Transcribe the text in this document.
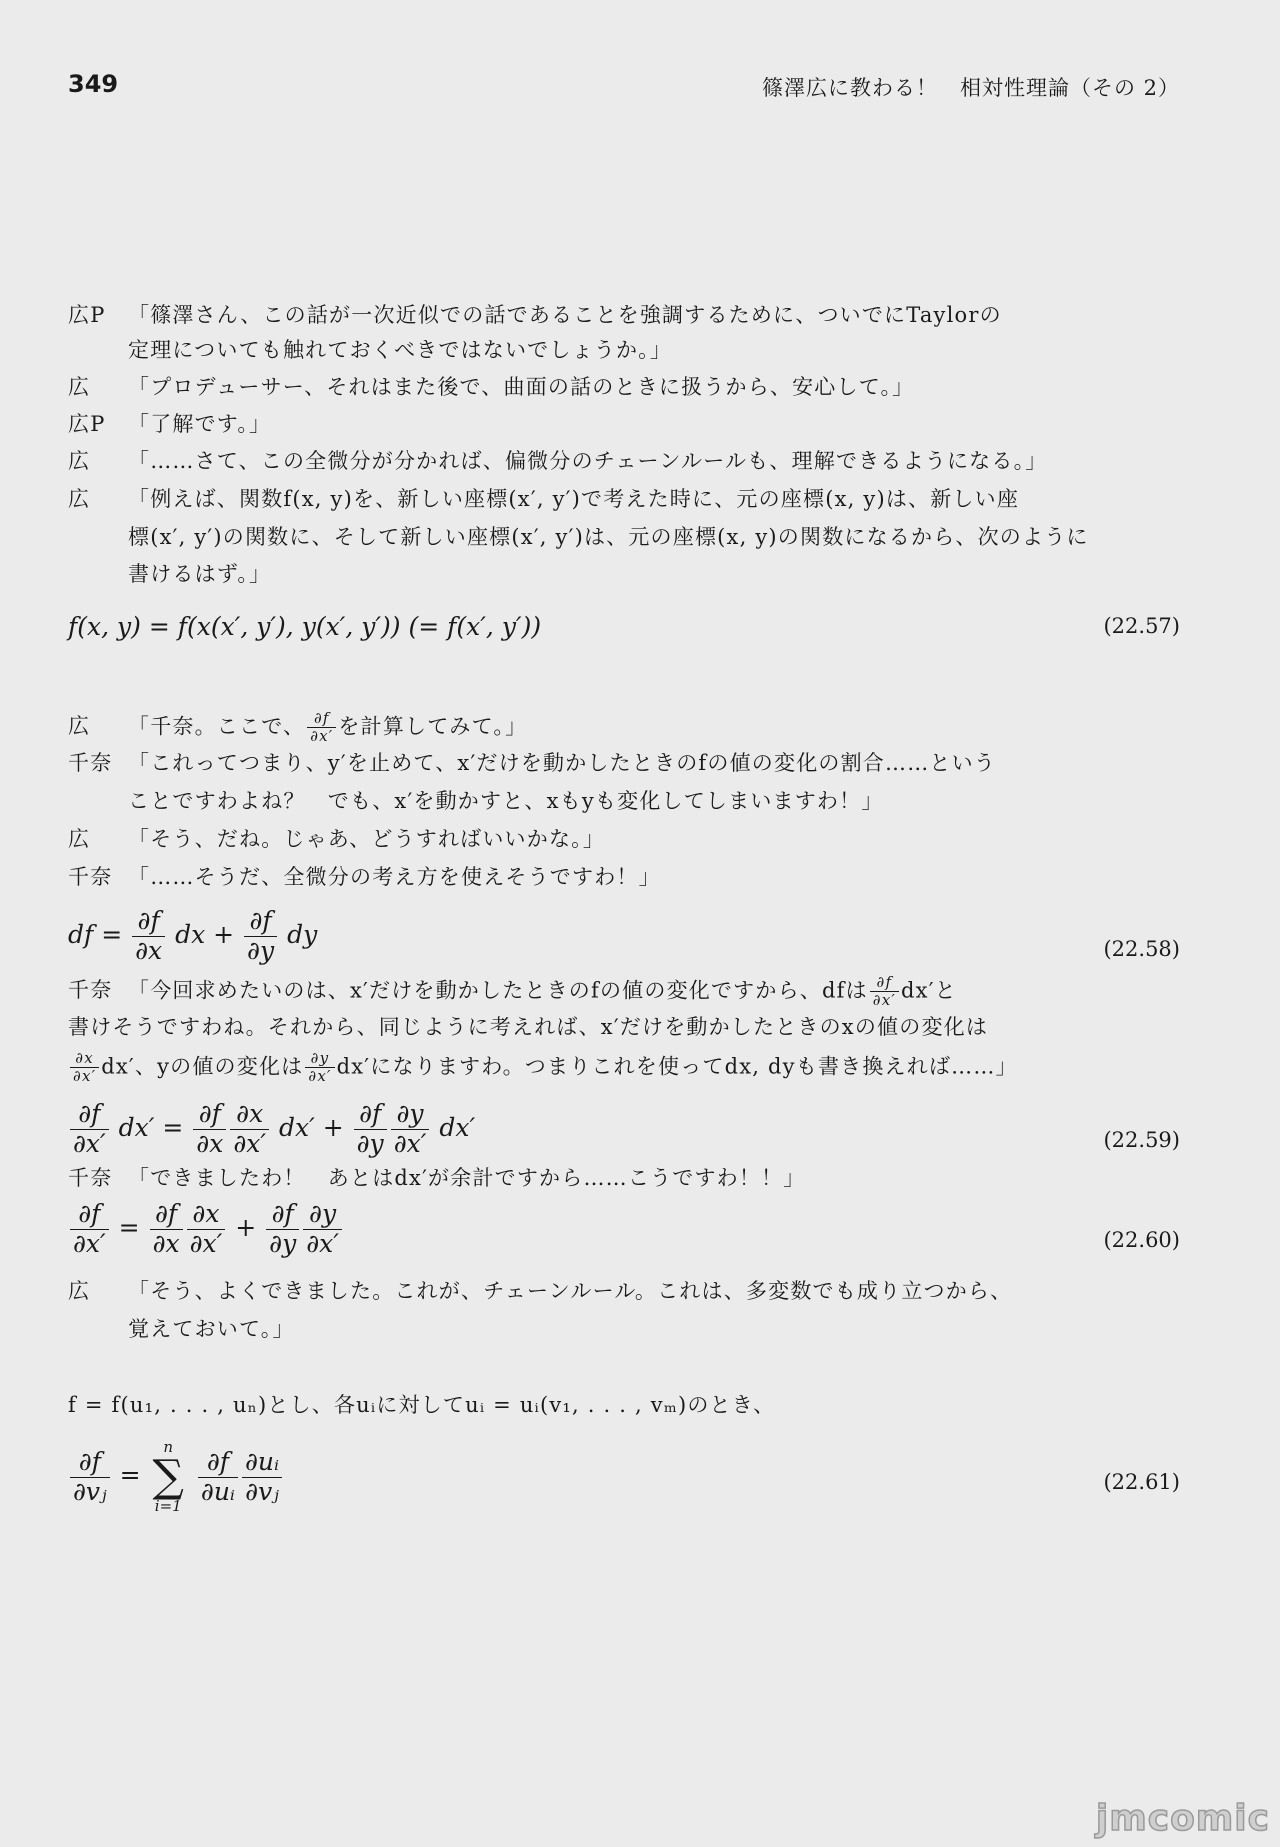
349	篠澤広に教わる！　相対性理論（その 2）
広P 「篠澤さん、この話が一次近似での話であることを強調するために、ついでにTaylorの
定理についても触れておくべきではないでしょうか。」
広 「プロデューサー、それはまた後で、曲面の話のときに扱うから、安心して。」
広P 「了解です。」
広 「……さて、この全微分が分かれば、偏微分のチェーンルールも、理解できるようになる。」
広 「例えば、関数f(x, y)を、新しい座標(x′, y′)で考えた時に、元の座標(x, y)は、新しい座
標(x′, y′)の関数に、そして新しい座標(x′, y′)は、元の座標(x, y)の関数になるから、次のように
書けるはず。」
f(x, y) = f(x(x′, y′), y(x′, y′)) (= f(x′, y′))	(22.57)
広 「千奈。ここで、 $\frac{\partial f}{\partial x'}$ を計算してみて。」
千奈 「これってつまり、y′を止めて、x′だけを動かしたときのfの値の変化の割合……という
ことですわよね？　でも、x′を動かすと、xもyも変化してしまいますわ！」
広 「そう、だね。じゃあ、どうすればいいかな。」
千奈 「……そうだ、全微分の考え方を使えそうですわ！」
df = $\frac{\partial f}{\partial x}$ dx + $\frac{\partial f}{\partial y}$ dy
(22.58)
千奈 「今回求めたいのは、x′だけを動かしたときのfの値の変化ですから、dfは $\frac{\partial f}{\partial x'} dx'$と
書けそうですわね。それから、同じように考えれば、x′だけを動かしたときのxの値の変化は
$\frac{\partial x}{\partial x'} dx'$、yの値の変化は $\frac{\partial y}{\partial x'} dx'$になりますわ。つまりこれを使ってdx, dyも書き換えれば……」
$\frac{\partial f}{\partial x'} dx' = \frac{\partial f}{\partial x} \frac{\partial x}{\partial x'} dx' + \frac{\partial f}{\partial y} \frac{\partial y}{\partial x'} dx'$	(22.59)
千奈 「できましたわ！　あとはdx′が余計ですから……こうですわ！！」
$\frac{\partial f}{\partial x'} = \frac{\partial f}{\partial x} \frac{\partial x}{\partial x'} + \frac{\partial f}{\partial y} \frac{\partial y}{\partial x'}$	(22.60)
広 「そう、よくできました。これが、チェーンルール。これは、多変数でも成り立つから、
覚えておいて。」
f = f(u₁, . . . , uₙ)とし、各uᵢに対してuᵢ = uᵢ(v₁, . . . , vₘ)のとき、
$\frac{\partial f}{\text{∂vⱼ}}$ =
n
∑
i=1
$\frac{\partial f}{\text{∂uᵢ}} \frac{\text{∂uᵢ}}{\text{∂vⱼ}}$	(22.61)
jmcomic
